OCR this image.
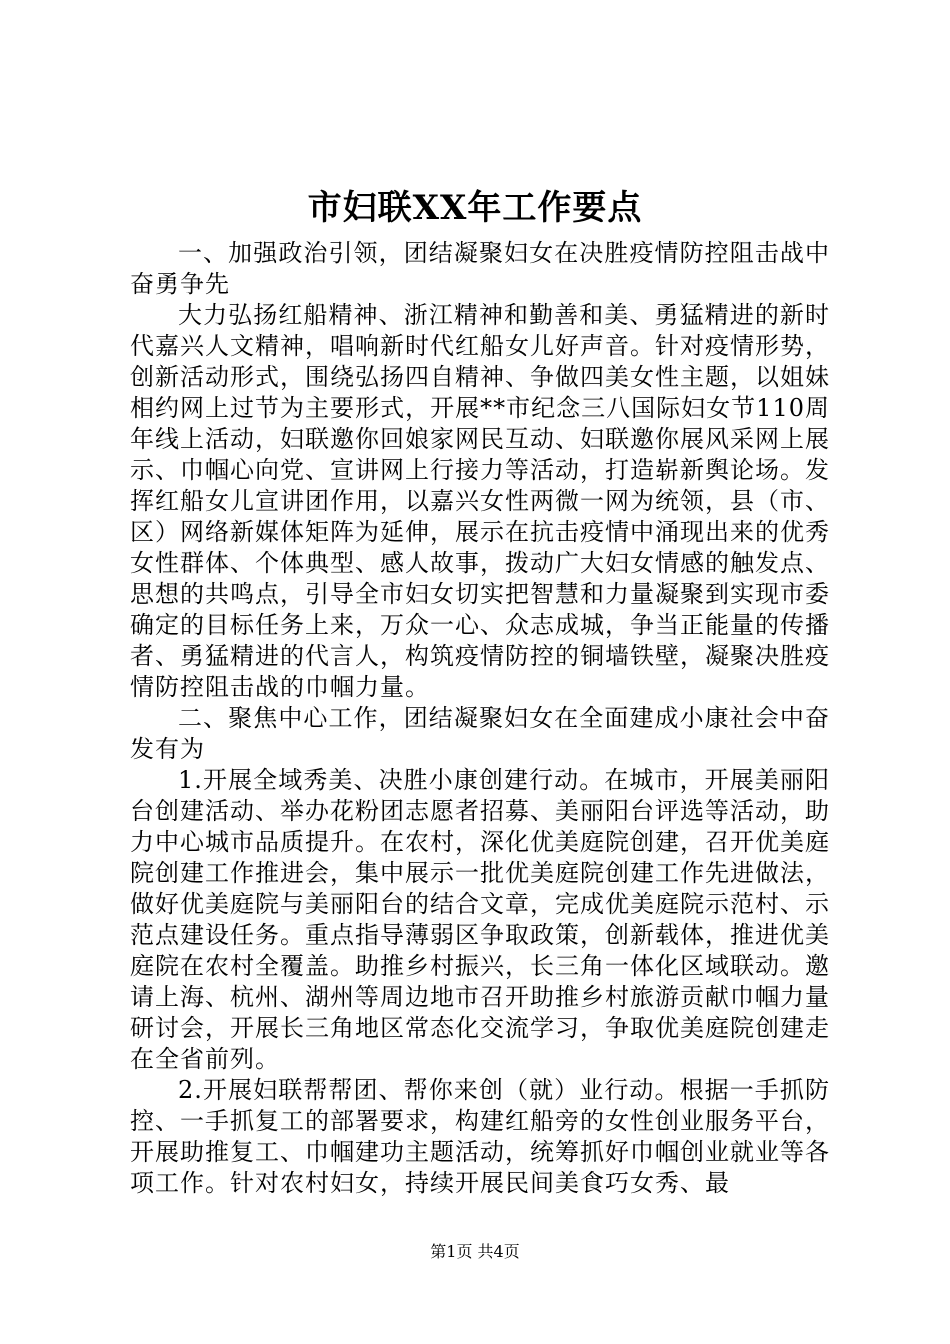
市妇联XX年工作要点

一、加强政治引领，团结凝聚妇女在决胜疫情防控阻击战中奋勇争先

大力弘扬红船精神、浙江精神和勤善和美、勇猛精进的新时代嘉兴人文精神，唱响新时代红船女儿好声音。针对疫情形势，创新活动形式，围绕弘扬四自精神、争做四美女性主题，以姐妹相约网上过节为主要形式，开展**市纪念三八国际妇女节110周年线上活动，妇联邀你回娘家网民互动、妇联邀你展风采网上展示、巾帼心向党、宣讲网上行接力等活动，打造崭新舆论场。发挥红船女儿宣讲团作用，以嘉兴女性两微一网为统领，县（市、区）网络新媒体矩阵为延伸，展示在抗击疫情中涌现出来的优秀女性群体、个体典型、感人故事，拨动广大妇女情感的触发点、思想的共鸣点，引导全市妇女切实把智慧和力量凝聚到实现市委确定的目标任务上来，万众一心、众志成城，争当正能量的传播者、勇猛精进的代言人，构筑疫情防控的铜墙铁壁，凝聚决胜疫情防控阻击战的巾帼力量。

二、聚焦中心工作，团结凝聚妇女在全面建成小康社会中奋发有为

1.开展全域秀美、决胜小康创建行动。在城市，开展美丽阳台创建活动、举办花粉团志愿者招募、美丽阳台评选等活动，助力中心城市品质提升。在农村，深化优美庭院创建，召开优美庭院创建工作推进会，集中展示一批优美庭院创建工作先进做法，做好优美庭院与美丽阳台的结合文章，完成优美庭院示范村、示范点建设任务。重点指导薄弱区争取政策，创新载体，推进优美庭院在农村全覆盖。助推乡村振兴，长三角一体化区域联动。邀请上海、杭州、湖州等周边地市召开助推乡村旅游贡献巾帼力量研讨会，开展长三角地区常态化交流学习，争取优美庭院创建走在全省前列。

2.开展妇联帮帮团、帮你来创（就）业行动。根据一手抓防控、一手抓复工的部署要求，构建红船旁的女性创业服务平台，开展助推复工、巾帼建功主题活动，统筹抓好巾帼创业就业等各项工作。针对农村妇女，持续开展民间美食巧女秀、最

第1页 共4页
